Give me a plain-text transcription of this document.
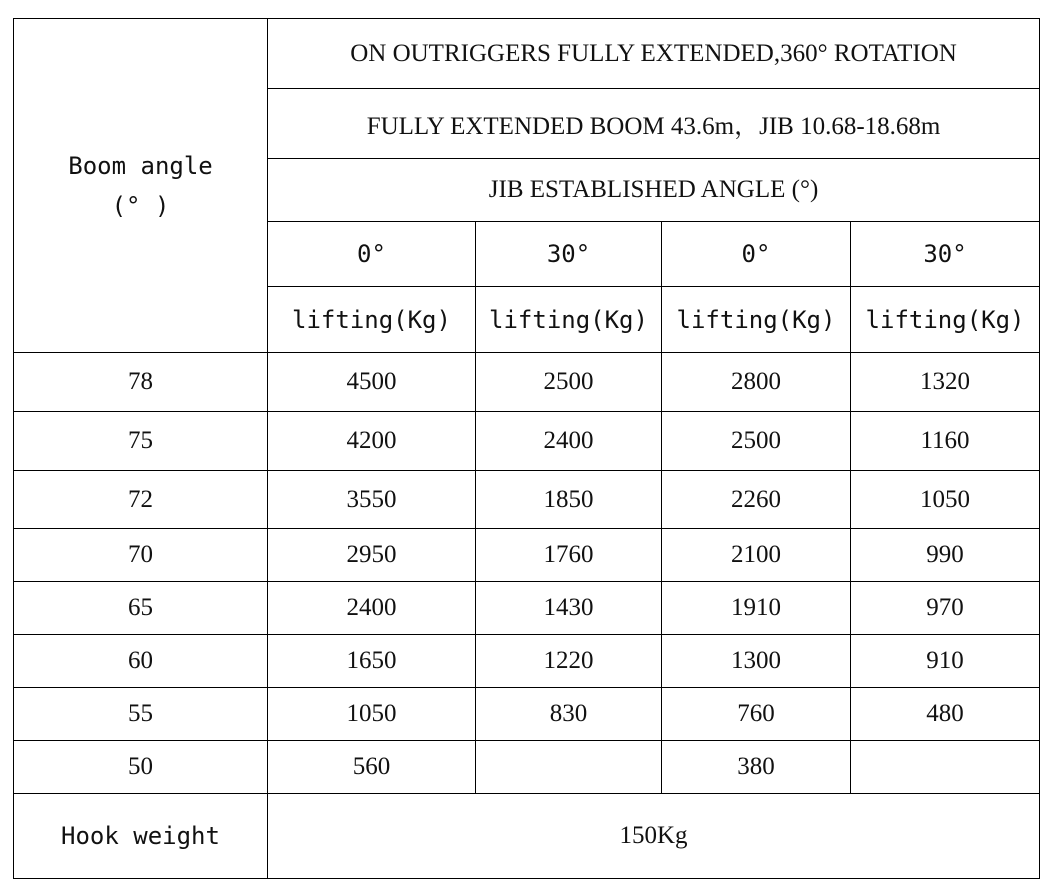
Boom angle
(° )	ON OUTRIGGERS FULLY EXTENDED,360° ROTATION			
	FULLY EXTENDED BOOM 43.6m，JIB 10.68-18.68m			
	JIB ESTABLISHED ANGLE (°)			
	0°	30°	0°	30°
	lifting(Kg)	lifting(Kg)	lifting(Kg)	lifting(Kg)
78	4500	2500	2800	1320
75	4200	2400	2500	1160
72	3550	1850	2260	1050
70	2950	1760	2100	990
65	2400	1430	1910	970
60	1650	1220	1300	910
55	1050	830	760	480
50	560		380	
Hook weight	150Kg			
